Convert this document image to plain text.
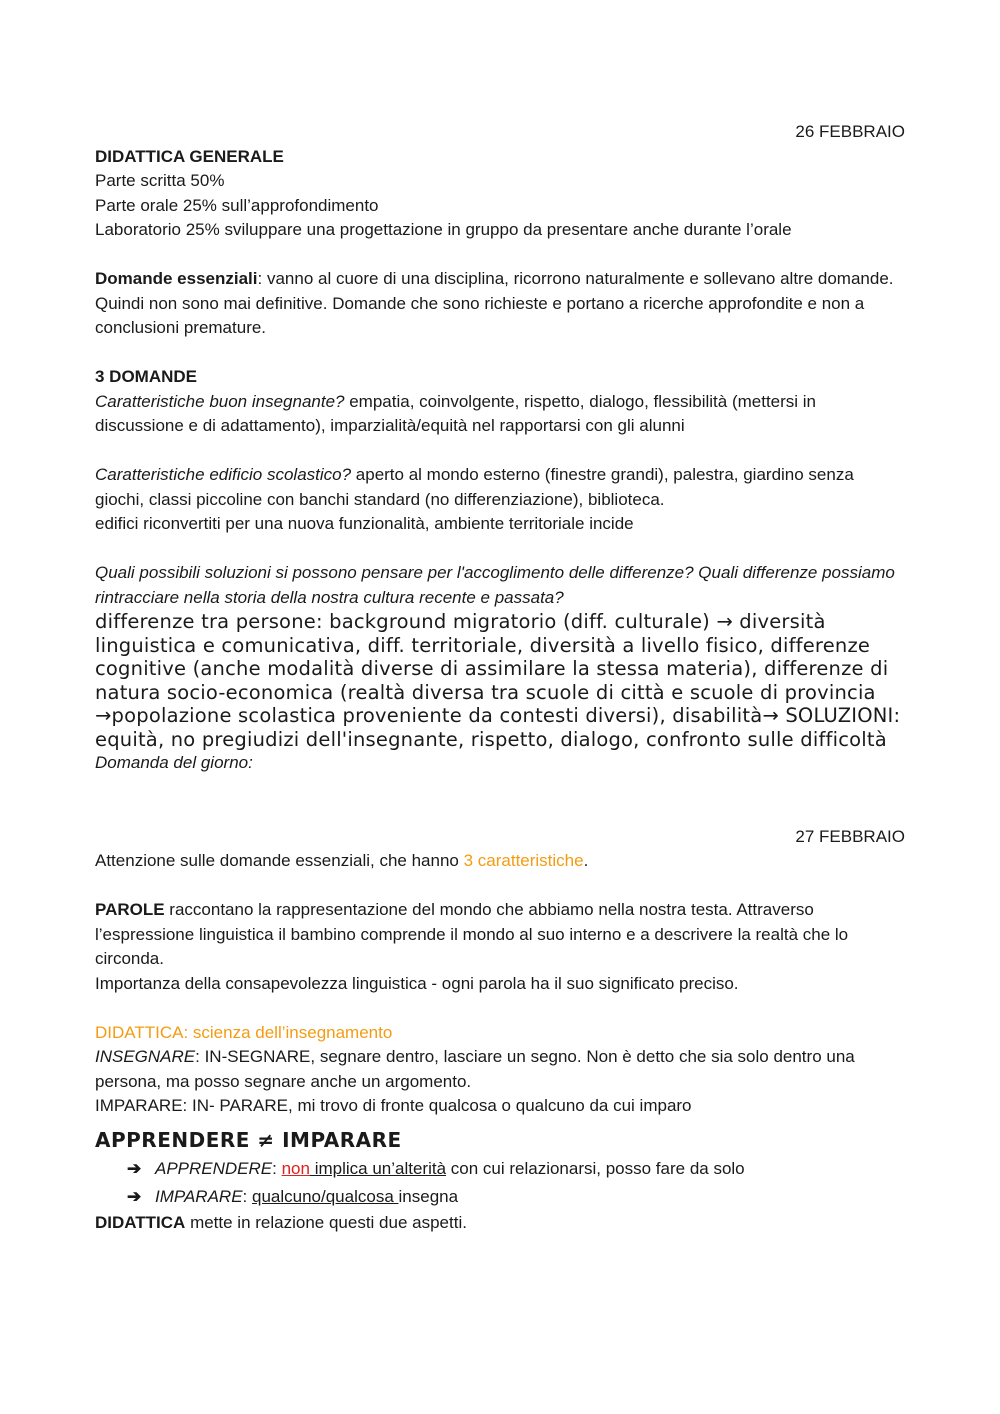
26 FEBBRAIO
DIDATTICA GENERALE
Parte scritta 50%
Parte orale 25% sull’approfondimento
Laboratorio 25% sviluppare una progettazione in gruppo da presentare anche durante l’orale
Domande essenziali: vanno al cuore di una disciplina, ricorrono naturalmente e sollevano altre domande. Quindi non sono mai definitive. Domande che sono richieste e portano a ricerche approfondite e non a conclusioni premature.
3 DOMANDE
Caratteristiche buon insegnante? empatia, coinvolgente, rispetto, dialogo, flessibilità (mettersi in discussione e di adattamento), imparzialità/equità nel rapportarsi con gli alunni
Caratteristiche edificio scolastico? aperto al mondo esterno (finestre grandi), palestra, giardino senza giochi, classi piccoline con banchi standard (no differenziazione), biblioteca.
edifici riconvertiti per una nuova funzionalità, ambiente territoriale incide
Quali possibili soluzioni si possono pensare per l'accoglimento delle differenze? Quali differenze possiamo rintracciare nella storia della nostra cultura recente e passata?
differenze tra persone: background migratorio (diff. culturale) → diversità linguistica e comunicativa, diff. territoriale, diversità a livello fisico, differenze cognitive (anche modalità diverse di assimilare la stessa materia), differenze di natura socio-economica (realtà diversa tra scuole di città e scuole di provincia →popolazione scolastica proveniente da contesti diversi), disabilità→ SOLUZIONI: equità, no pregiudizi dell'insegnante, rispetto, dialogo, confronto sulle difficoltà
Domanda del giorno:
27 FEBBRAIO
Attenzione sulle domande essenziali, che hanno 3 caratteristiche.
PAROLE raccontano la rappresentazione del mondo che abbiamo nella nostra testa. Attraverso l’espressione linguistica il bambino comprende il mondo al suo interno e a descrivere la realtà che lo circonda.
Importanza della consapevolezza linguistica - ogni parola ha il suo significato preciso.
DIDATTICA: scienza dell’insegnamento
INSEGNARE: IN-SEGNARE, segnare dentro, lasciare un segno. Non è detto che sia solo dentro una persona, ma posso segnare anche un argomento.
IMPARARE: IN- PARARE, mi trovo di fronte qualcosa o qualcuno da cui imparo
APPRENDERE ≠ IMPARARE
➔ APPRENDERE: non implica un’alterità con cui relazionarsi, posso fare da solo
➔ IMPARARE: qualcuno/qualcosa insegna
DIDATTICA mette in relazione questi due aspetti.
